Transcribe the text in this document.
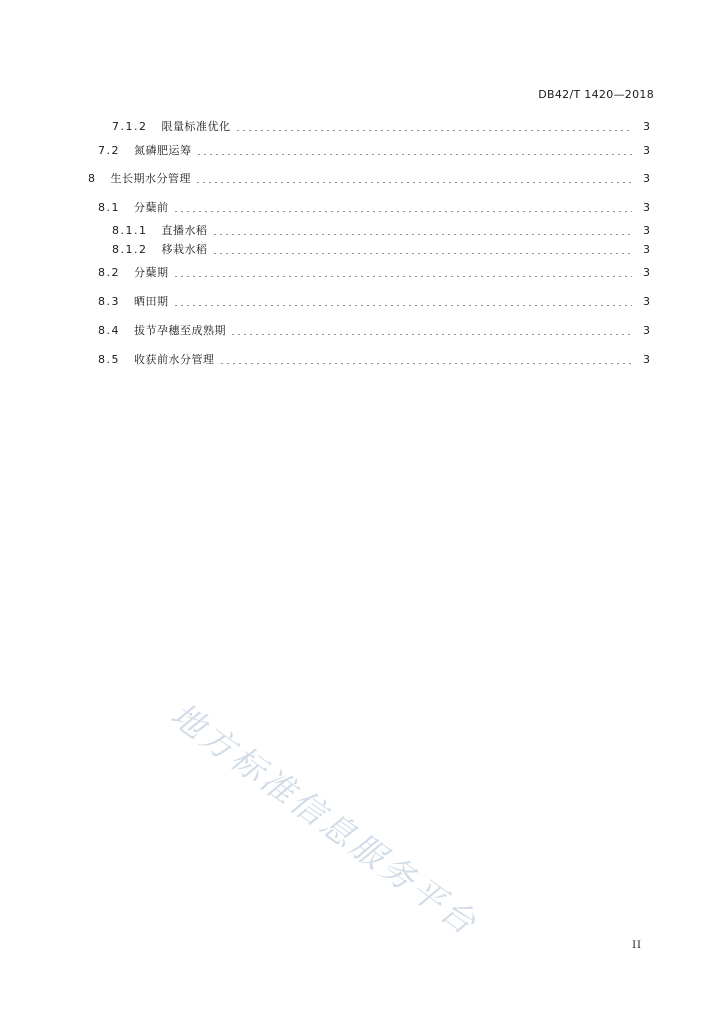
DB42/T 1420—2018
7.1.2 限量标准优化	3
7.2 氮磷肥运筹	3
8 生长期水分管理	3
8.1 分蘖前	3
8.1.1 直播水稻	3
8.1.2 移栽水稻	3
8.2 分蘖期	3
8.3 晒田期	3
8.4 拔节孕穗至成熟期	3
8.5 收获前水分管理	3
地方标准信息服务平台
II
